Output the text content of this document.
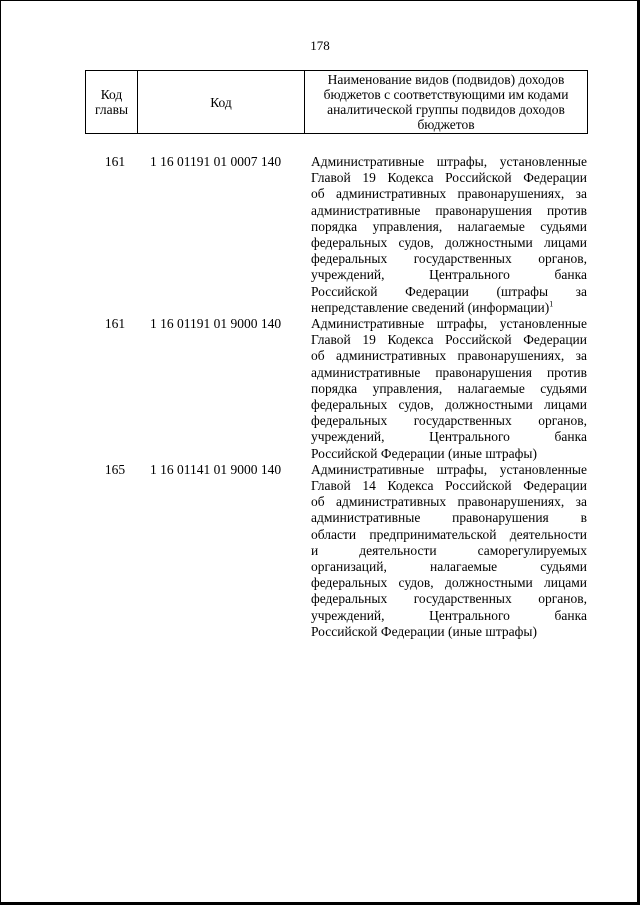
178
Код главы	Код	Наименование видов (подвидов) доходов бюджетов с соответствующими им кодами аналитической группы подвидов доходов бюджетов
161	1 16 01191 01 0007 140	Административные штрафы, установленные
Главой 19 Кодекса Российской Федерации
об административных правонарушениях, за
административные правонарушения против
порядка управления, налагаемые судьями
федеральных судов, должностными лицами
федеральных государственных органов,
учреждений, Центрального банка
Российской Федерации (штрафы за
непредставление сведений (информации)$^1$
161	1 16 01191 01 9000 140	Административные штрафы, установленные
Главой 19 Кодекса Российской Федерации
об административных правонарушениях, за
административные правонарушения против
порядка управления, налагаемые судьями
федеральных судов, должностными лицами
федеральных государственных органов,
учреждений, Центрального банка
Российской Федерации (иные штрафы)
165	1 16 01141 01 9000 140	Административные штрафы, установленные
Главой 14 Кодекса Российской Федерации
об административных правонарушениях, за
административные правонарушения в
области предпринимательской деятельности
и деятельности саморегулируемых
организаций, налагаемые судьями
федеральных судов, должностными лицами
федеральных государственных органов,
учреждений, Центрального банка
Российской Федерации (иные штрафы)
